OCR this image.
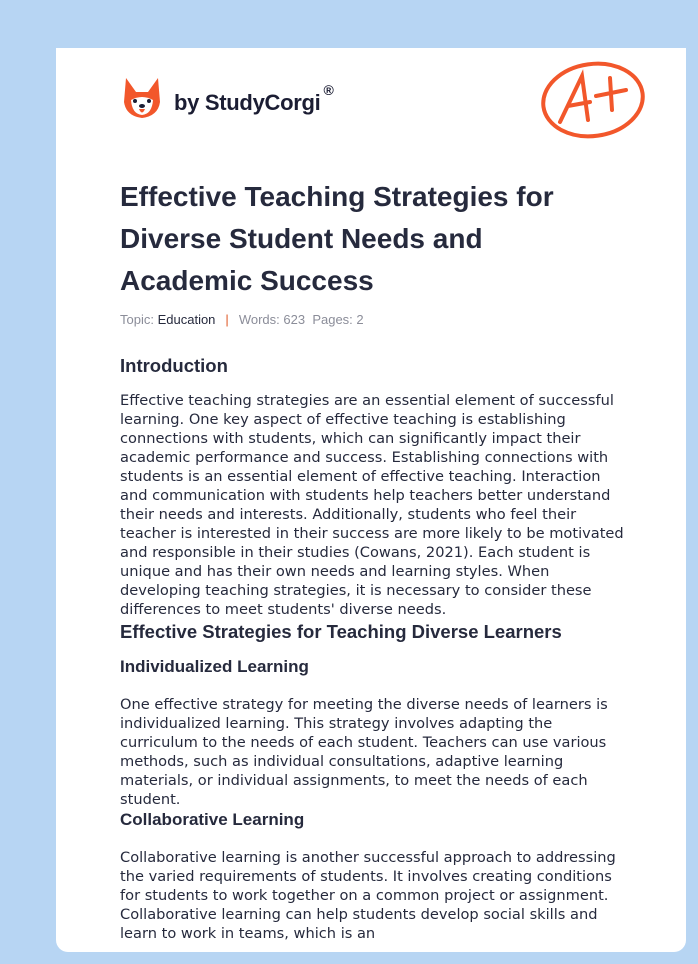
by StudyCorgi ®
Effective Teaching Strategies for Diverse Student Needs and Academic Success
Topic: Education | Words: 623 Pages: 2
Introduction

Effective teaching strategies are an essential element of successful learning. One key aspect of effective teaching is establishing connections with students, which can significantly impact their academic performance and success. Establishing connections with students is an essential element of effective teaching. Interaction and communication with students help teachers better understand their needs and interests. Additionally, students who feel their teacher is interested in their success are more likely to be motivated and responsible in their studies (Cowans, 2021). Each student is unique and has their own needs and learning styles. When developing teaching strategies, it is necessary to consider these differences to meet students' diverse needs.

Effective Strategies for Teaching Diverse Learners
Individualized Learning

One effective strategy for meeting the diverse needs of learners is individualized learning. This strategy involves adapting the curriculum to the needs of each student. Teachers can use various methods, such as individual consultations, adaptive learning materials, or individual assignments, to meet the needs of each student.

Collaborative Learning

Collaborative learning is another successful approach to addressing the varied requirements of students. It involves creating conditions for students to work together on a common project or assignment. Collaborative learning can help students develop social skills and learn to work in teams, which is an
